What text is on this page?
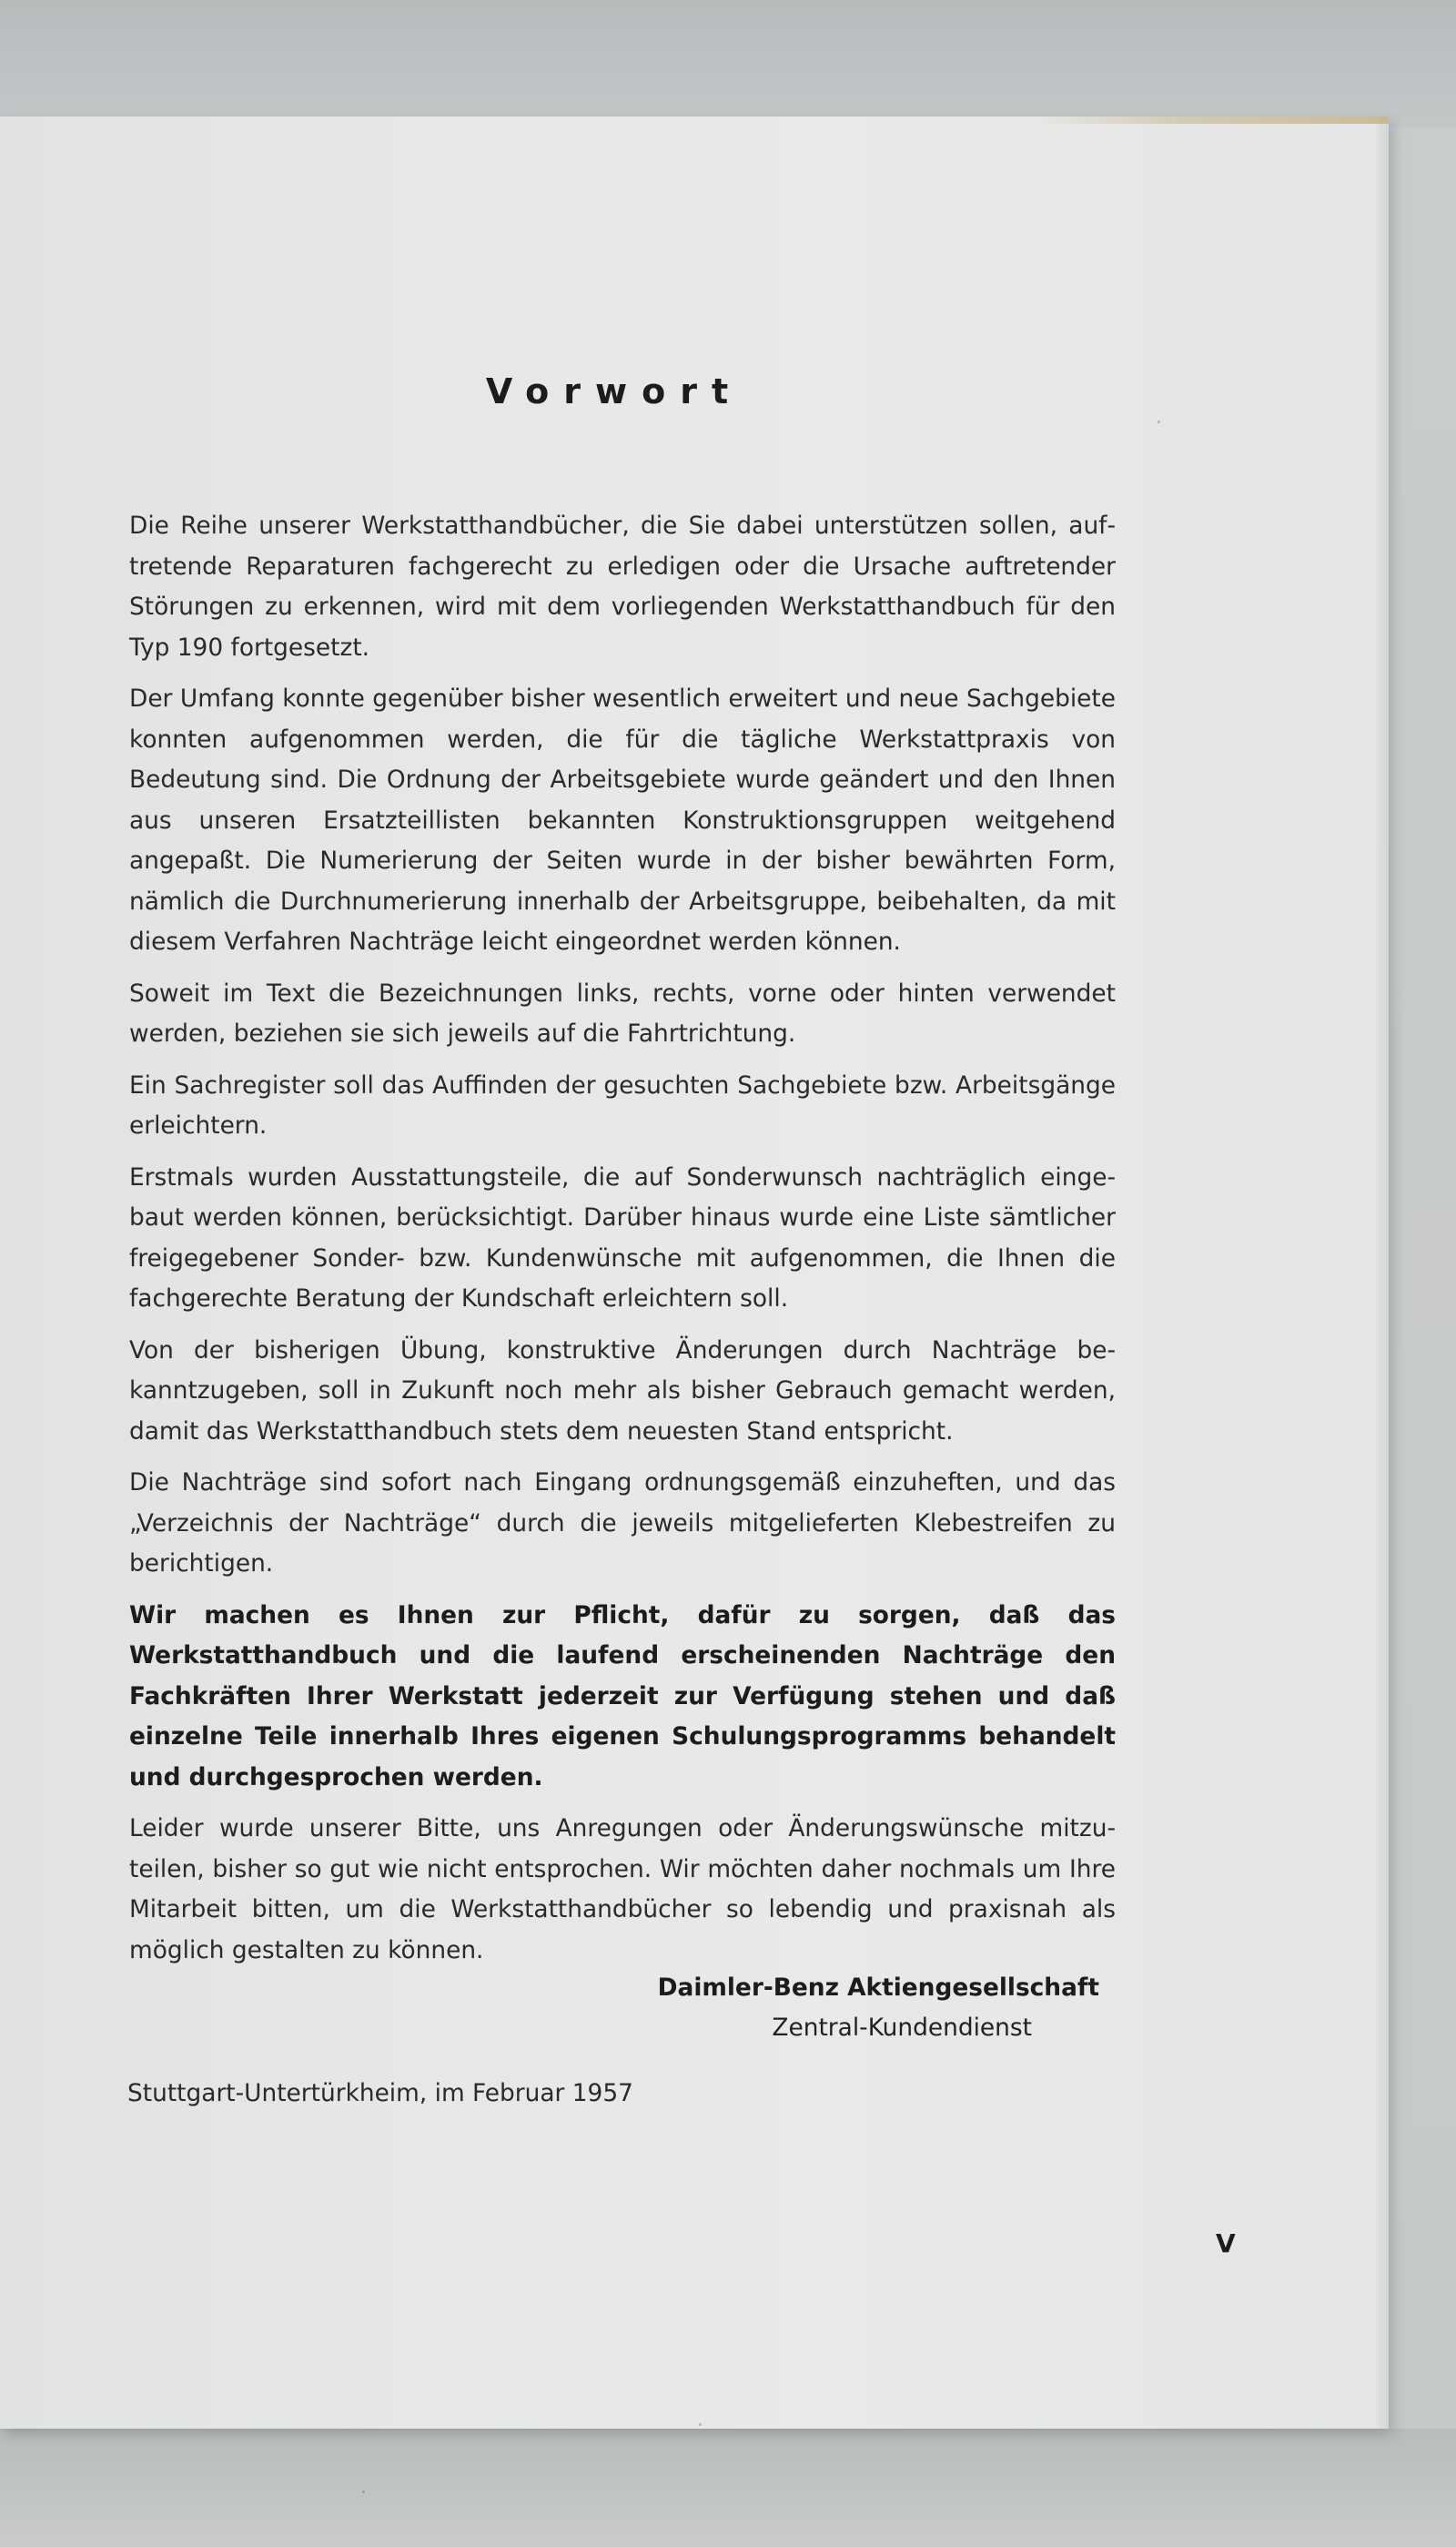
Vorwort

Die Reihe unserer Werkstatthandbücher, die Sie dabei unterstützen sollen, auftretende Reparaturen fachgerecht zu erledigen oder die Ursache auftretender Störungen zu erkennen, wird mit dem vorliegenden Werkstatthandbuch für den Typ 190 fortgesetzt.

Der Umfang konnte gegenüber bisher wesentlich erweitert und neue Sachgebiete konnten aufgenommen werden, die für die tägliche Werkstattpraxis von Bedeutung sind. Die Ordnung der Arbeitsgebiete wurde geändert und den Ihnen aus unseren Ersatzteillisten bekannten Konstruktionsgruppen weitgehend angepaßt. Die Numerierung der Seiten wurde in der bisher bewährten Form, nämlich die Durchnumerierung innerhalb der Arbeitsgruppe, beibehalten, da mit diesem Verfahren Nachträge leicht eingeordnet werden können.

Soweit im Text die Bezeichnungen links, rechts, vorne oder hinten verwendet werden, beziehen sie sich jeweils auf die Fahrtrichtung.

Ein Sachregister soll das Auffinden der gesuchten Sachgebiete bzw. Arbeitsgänge erleichtern.

Erstmals wurden Ausstattungsteile, die auf Sonderwunsch nachträglich eingebaut werden können, berücksichtigt. Darüber hinaus wurde eine Liste sämtlicher freigegebener Sonder- bzw. Kundenwünsche mit aufgenommen, die Ihnen die fachgerechte Beratung der Kundschaft erleichtern soll.

Von der bisherigen Übung, konstruktive Änderungen durch Nachträge bekanntzugeben, soll in Zukunft noch mehr als bisher Gebrauch gemacht werden, damit das Werkstatthandbuch stets dem neuesten Stand entspricht.

Die Nachträge sind sofort nach Eingang ordnungsgemäß einzuheften, und das „Verzeichnis der Nachträge“ durch die jeweils mitgelieferten Klebestreifen zu berichtigen.

Wir machen es Ihnen zur Pflicht, dafür zu sorgen, daß das Werkstatthandbuch und die laufend erscheinenden Nachträge den Fachkräften Ihrer Werkstatt jederzeit zur Verfügung stehen und daß einzelne Teile innerhalb Ihres eigenen Schulungsprogramms behandelt und durchgesprochen werden.

Leider wurde unserer Bitte, uns Anregungen oder Änderungswünsche mitzuteilen, bisher so gut wie nicht entsprochen. Wir möchten daher nochmals um Ihre Mitarbeit bitten, um die Werkstatthandbücher so lebendig und praxisnah als möglich gestalten zu können.

Daimler-Benz Aktiengesellschaft
Zentral-Kundendienst
Stuttgart-Untertürkheim, im Februar 1957
V
